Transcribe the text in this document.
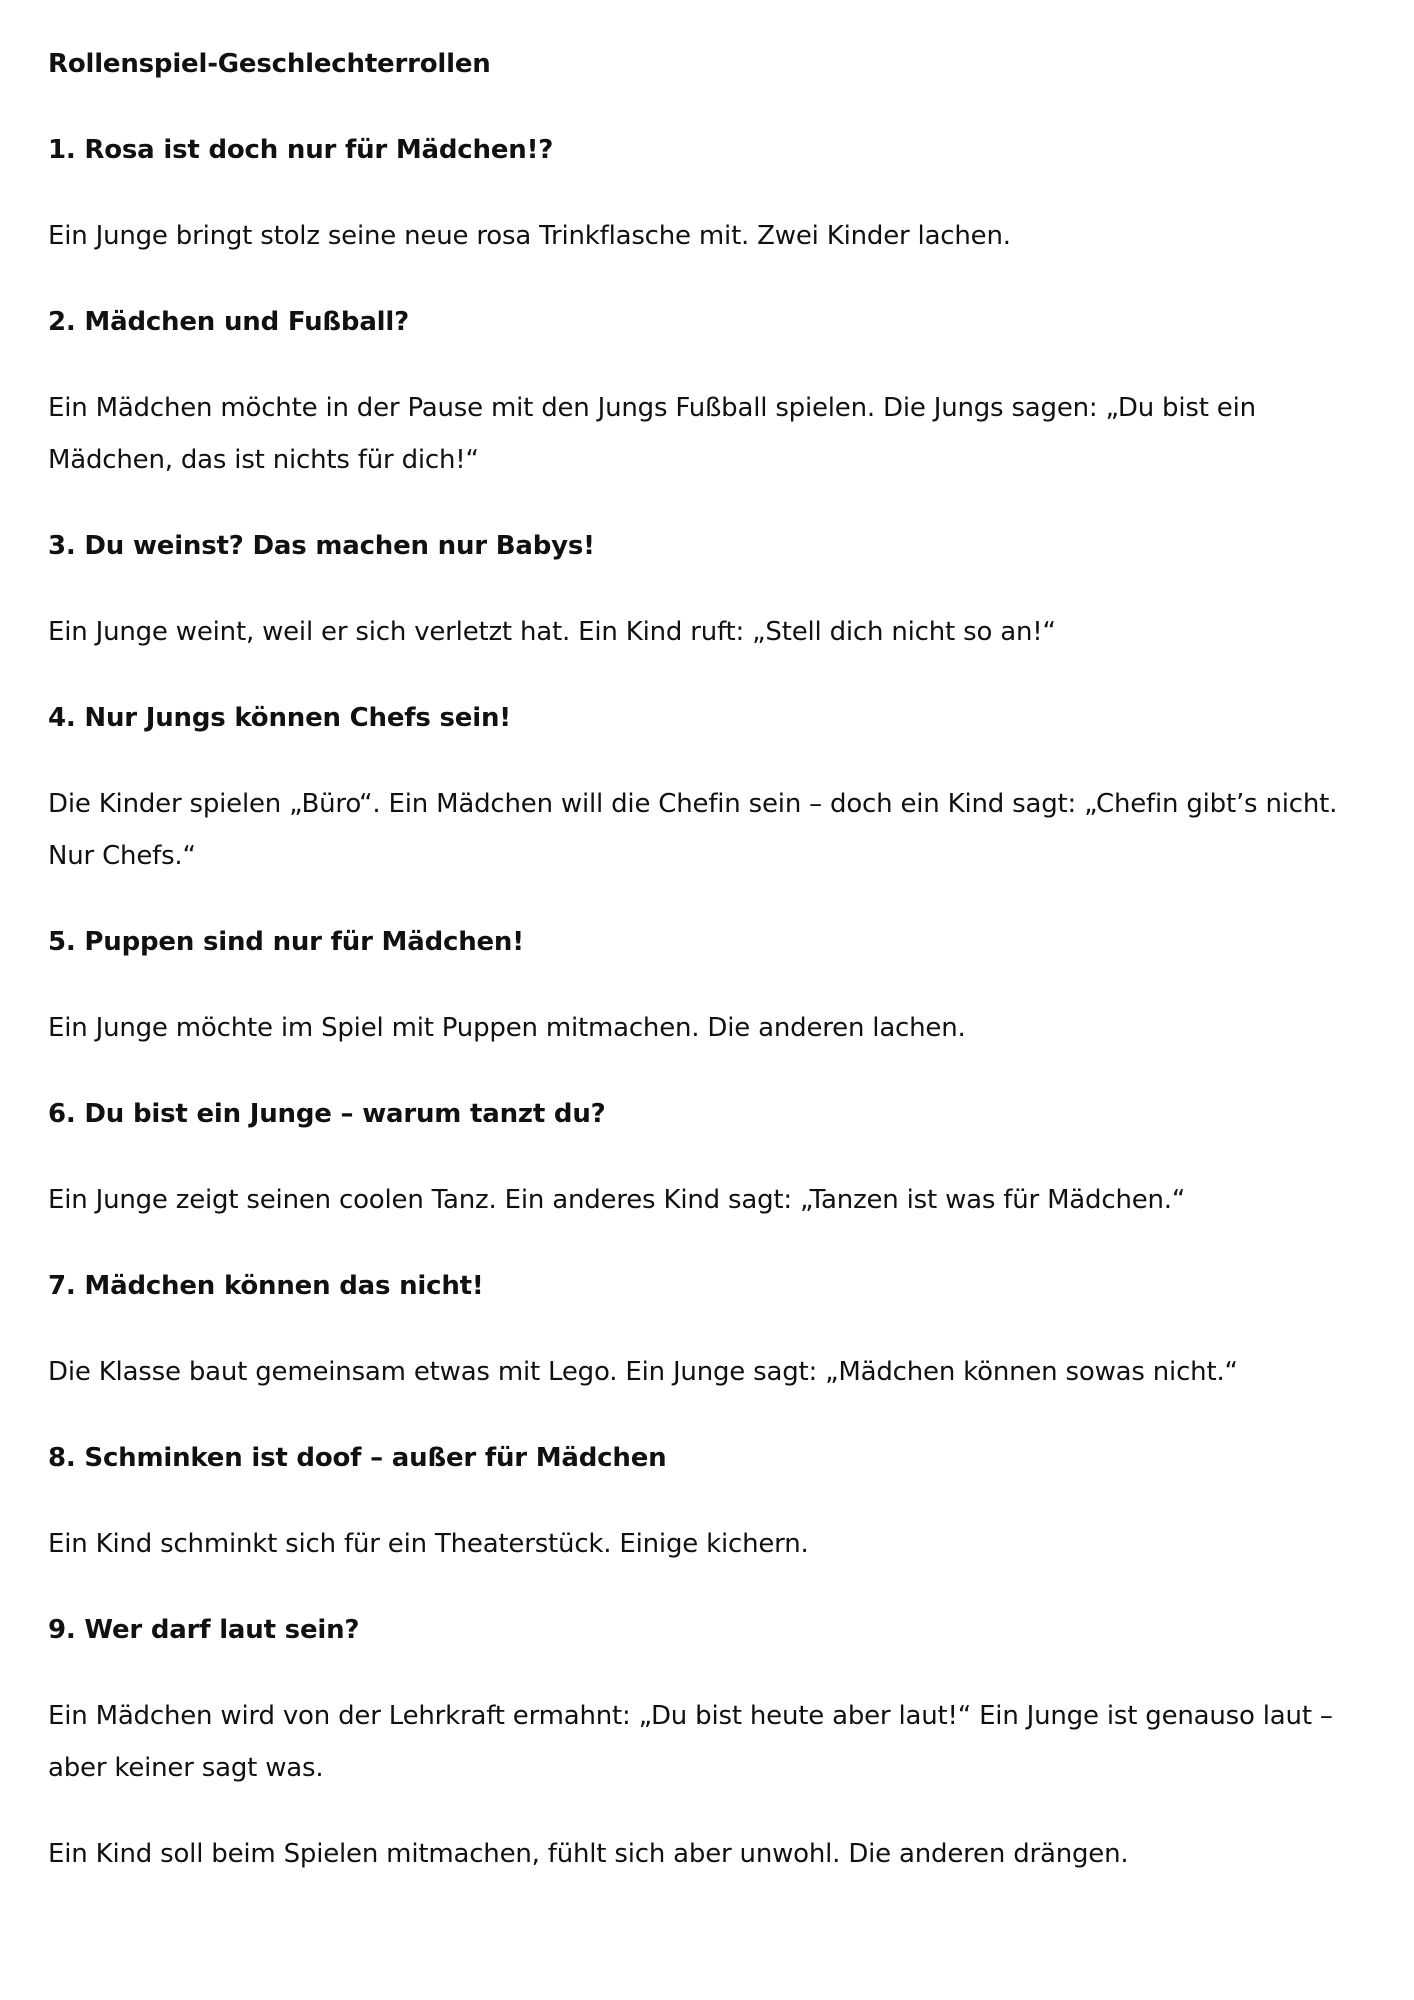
Rollenspiel-Geschlechterrollen
1. Rosa ist doch nur für Mädchen!?
Ein Junge bringt stolz seine neue rosa Trinkflasche mit. Zwei Kinder lachen.
2. Mädchen und Fußball?
Ein Mädchen möchte in der Pause mit den Jungs Fußball spielen. Die Jungs sagen: „Du bist ein Mädchen, das ist nichts für dich!“
3. Du weinst? Das machen nur Babys!
Ein Junge weint, weil er sich verletzt hat. Ein Kind ruft: „Stell dich nicht so an!“
4. Nur Jungs können Chefs sein!
Die Kinder spielen „Büro“. Ein Mädchen will die Chefin sein – doch ein Kind sagt: „Chefin gibt’s nicht. Nur Chefs.“
5. Puppen sind nur für Mädchen!
Ein Junge möchte im Spiel mit Puppen mitmachen. Die anderen lachen.
6. Du bist ein Junge – warum tanzt du?
Ein Junge zeigt seinen coolen Tanz. Ein anderes Kind sagt: „Tanzen ist was für Mädchen.“
7. Mädchen können das nicht!
Die Klasse baut gemeinsam etwas mit Lego. Ein Junge sagt: „Mädchen können sowas nicht.“
8. Schminken ist doof – außer für Mädchen
Ein Kind schminkt sich für ein Theaterstück. Einige kichern.
9. Wer darf laut sein?
Ein Mädchen wird von der Lehrkraft ermahnt: „Du bist heute aber laut!“ Ein Junge ist genauso laut – aber keiner sagt was.
Ein Kind soll beim Spielen mitmachen, fühlt sich aber unwohl. Die anderen drängen.
